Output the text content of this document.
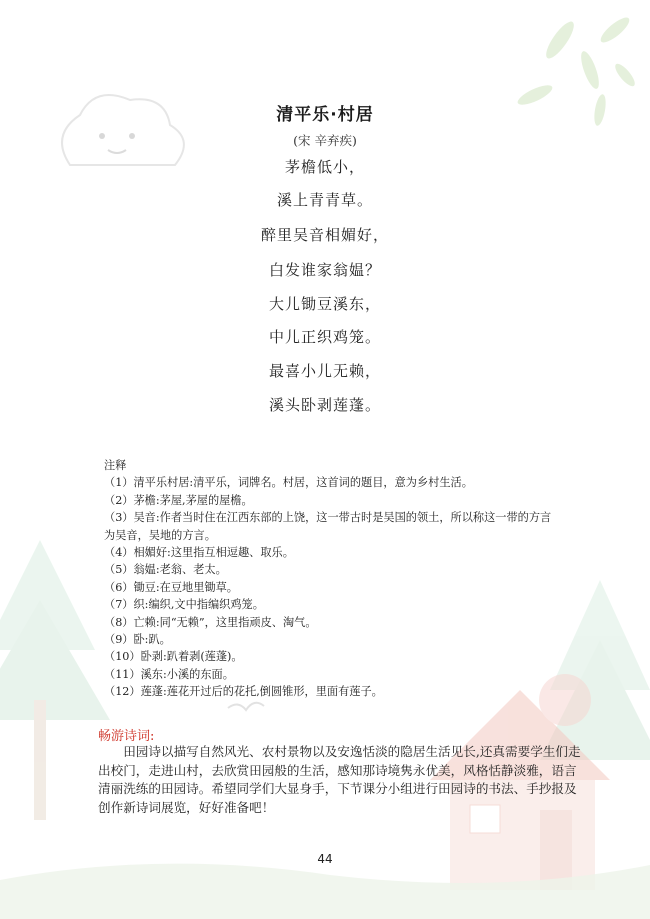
清平乐·村居
(宋 辛弃疾)
茅檐低小，
溪上青青草。
醉里吴音相媚好，
白发谁家翁媪？
大儿锄豆溪东，
中儿正织鸡笼。
最喜小儿无赖，
溪头卧剥莲蓬。
注释
（1）清平乐村居:清平乐，词牌名。村居，这首词的题目，意为乡村生活。
（2）茅檐:茅屋,茅屋的屋檐。
（3）吴音:作者当时住在江西东部的上饶，这一带古时是吴国的领土，所以称这一带的方言
为吴音，吴地的方言。
（4）相媚好:这里指互相逗趣、取乐。
（5）翁媪:老翁、老太。
（6）锄豆:在豆地里锄草。
（7）织:编织,文中指编织鸡笼。
（8）亡赖:同“无赖”，这里指顽皮、淘气。
（9）卧:趴。
（10）卧剥:趴着剥(莲蓬)。
（11）溪东:小溪的东面。
（12）莲蓬:莲花开过后的花托,倒圆锥形，里面有莲子。
畅游诗词:
田园诗以描写自然风光、农村景物以及安逸恬淡的隐居生活见长,还真需要学生们走出校门，走进山村，去欣赏田园般的生活，感知那诗境隽永优美，风格恬静淡雅，语言清丽洗练的田园诗。希望同学们大显身手，下节课分小组进行田园诗的书法、手抄报及创作新诗词展览，好好准备吧！
44
